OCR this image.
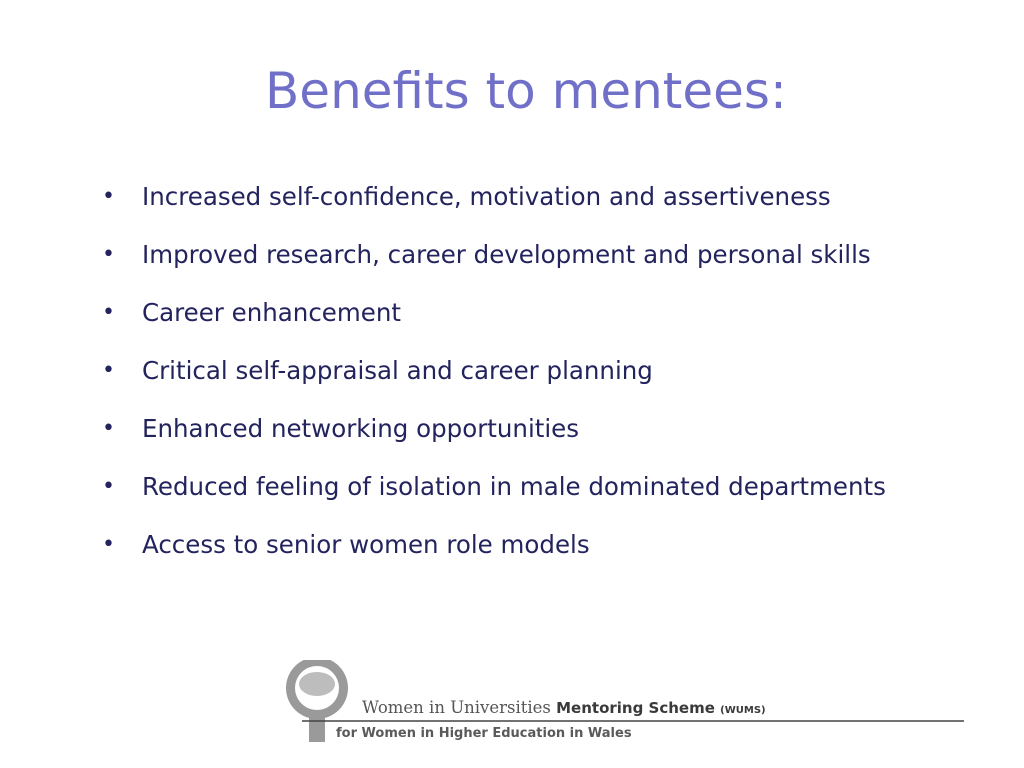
Benefits to mentees:
• Increased self-confidence, motivation and assertiveness
• Improved research, career development and personal skills
• Career enhancement
• Critical self-appraisal and career planning
• Enhanced networking opportunities
• Reduced feeling of isolation in male dominated departments
• Access to senior women role models
Women in Universities Mentoring Scheme (WUMS)
for Women in Higher Education in Wales
